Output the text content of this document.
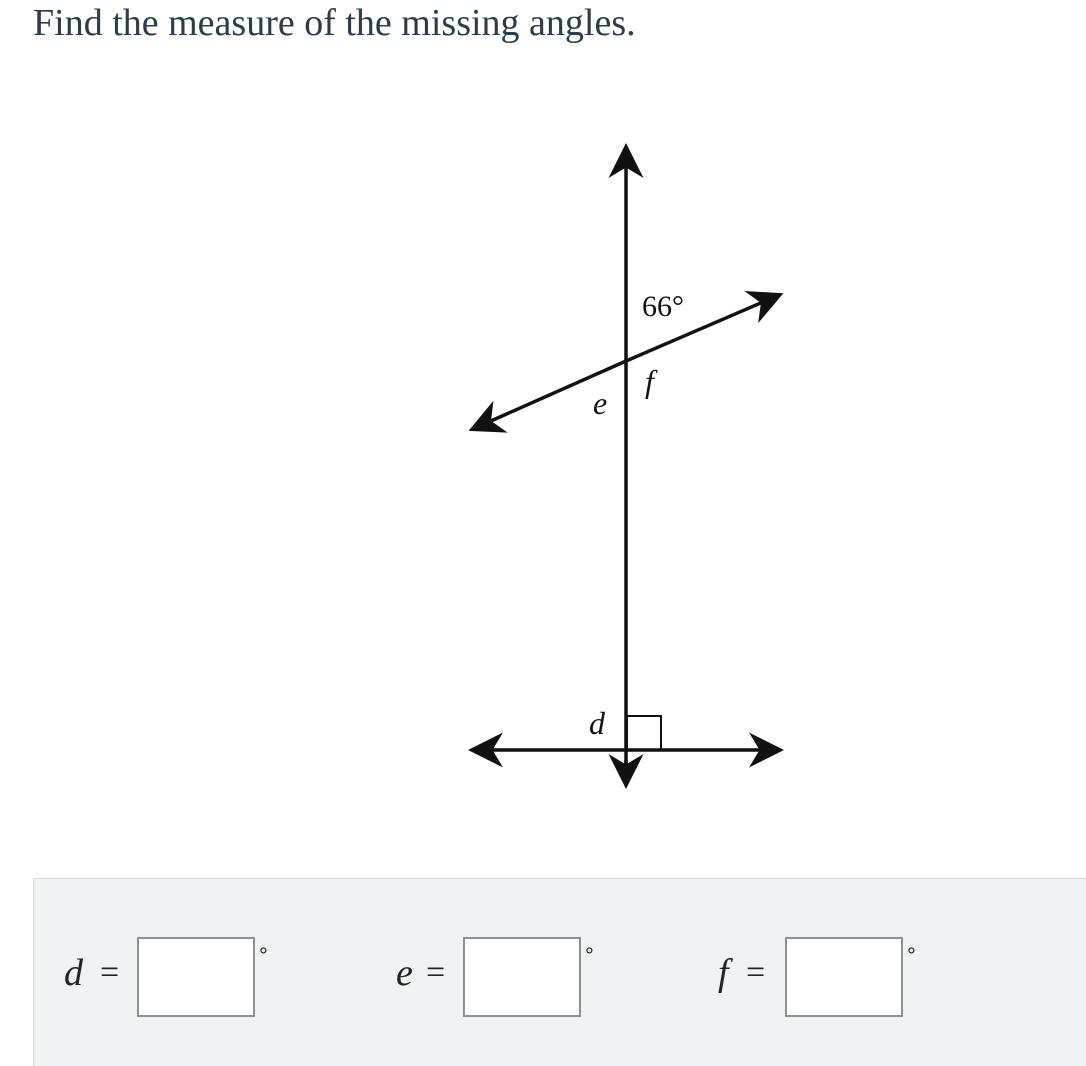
Find the measure of the missing angles.
66°
f
e
d
d =	°	e =	°	f =	°
